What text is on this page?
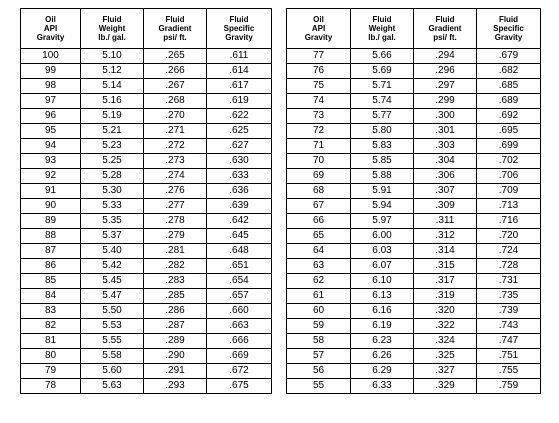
Oil
API
Gravity	Fluid
Weight
lb./ gal.	Fluid
Gradient
psi/ ft.	Fluid
Specific
Gravity

100	5.10	.265	.611
99	5.12	.266	.614
98	5.14	.267	.617
97	5.16	.268	.619
96	5.19	.270	.622
95	5.21	.271	.625
94	5.23	.272	.627
93	5.25	.273	.630
92	5.28	.274	.633
91	5.30	.276	.636
90	5.33	.277	.639
89	5.35	.278	.642
88	5.37	.279	.645
87	5.40	.281	.648
86	5.42	.282	.651
85	5.45	.283	.654
84	5.47	.285	.657
83	5.50	.286	.660
82	5.53	.287	.663
81	5.55	.289	.666
80	5.58	.290	.669
79	5.60	.291	.672
78	5.63	.293	.675
Oil
API
Gravity	Fluid
Weight
lb./ gal.	Fluid
Gradient
psi/ ft.	Fluid
Specific
Gravity

77	5.66	.294	.679
76	5.69	.296	.682
75	5.71	.297	.685
74	5.74	.299	.689
73	5.77	.300	.692
72	5.80	.301	.695
71	5.83	.303	.699
70	5.85	.304	.702
69	5.88	.306	.706
68	5.91	.307	.709
67	5.94	.309	.713
66	5.97	.311	.716
65	6.00	.312	.720
64	6.03	.314	.724
63	6.07	.315	.728
62	6.10	.317	.731
61	6.13	.319	.735
60	6.16	.320	.739
59	6.19	.322	.743
58	6.23	.324	.747
57	6.26	.325	.751
56	6.29	.327	.755
55	6.33	.329	.759
